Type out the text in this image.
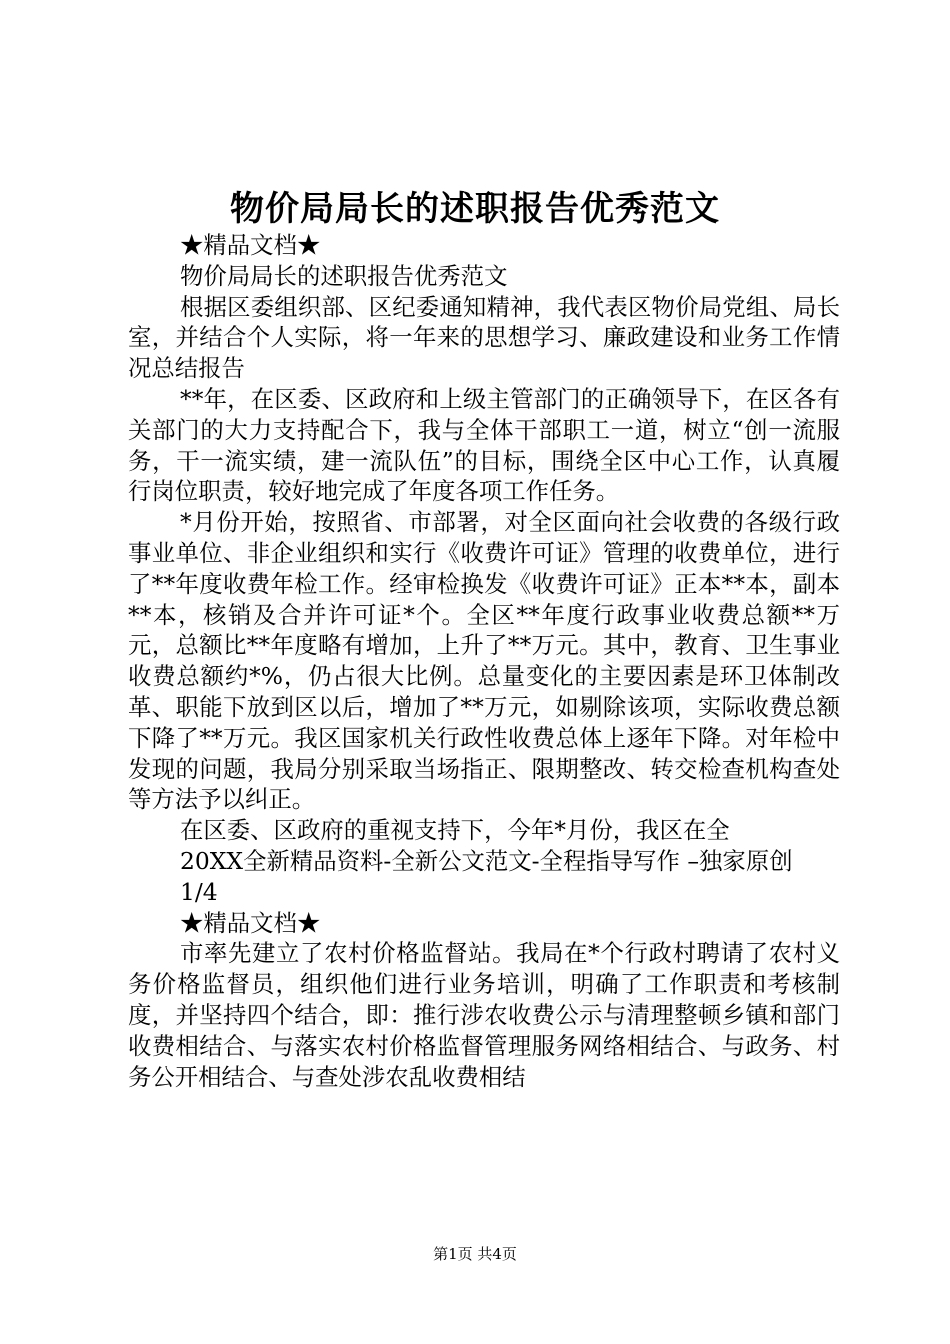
物价局局长的述职报告优秀范文

★精品文档★

物价局局长的述职报告优秀范文

根据区委组织部、区纪委通知精神，我代表区物价局党组、局长室，并结合个人实际，将一年来的思想学习、廉政建设和业务工作情况总结报告

**年，在区委、区政府和上级主管部门的正确领导下，在区各有关部门的大力支持配合下，我与全体干部职工一道，树立“创一流服务，干一流实绩，建一流队伍”的目标，围绕全区中心工作，认真履行岗位职责，较好地完成了年度各项工作任务。

*月份开始，按照省、市部署，对全区面向社会收费的各级行政事业单位、非企业组织和实行《收费许可证》管理的收费单位，进行了**年度收费年检工作。经审检换发《收费许可证》正本**本，副本**本，核销及合并许可证*个。全区**年度行政事业收费总额**万元，总额比**年度略有增加，上升了**万元。其中，教育、卫生事业收费总额约*%，仍占很大比例。总量变化的主要因素是环卫体制改革、职能下放到区以后，增加了**万元，如剔除该项，实际收费总额下降了**万元。我区国家机关行政性收费总体上逐年下降。对年检中发现的问题，我局分别采取当场指正、限期整改、转交检查机构查处等方法予以纠正。

在区委、区政府的重视支持下，今年*月份，我区在全

20XX全新精品资料-全新公文范文-全程指导写作 –独家原创

1/4

★精品文档★

市率先建立了农村价格监督站。我局在*个行政村聘请了农村义务价格监督员，组织他们进行业务培训，明确了工作职责和考核制度，并坚持四个结合，即：推行涉农收费公示与清理整顿乡镇和部门收费相结合、与落实农村价格监督管理服务网络相结合、与政务、村务公开相结合、与查处涉农乱收费相结

第1页 共4页
